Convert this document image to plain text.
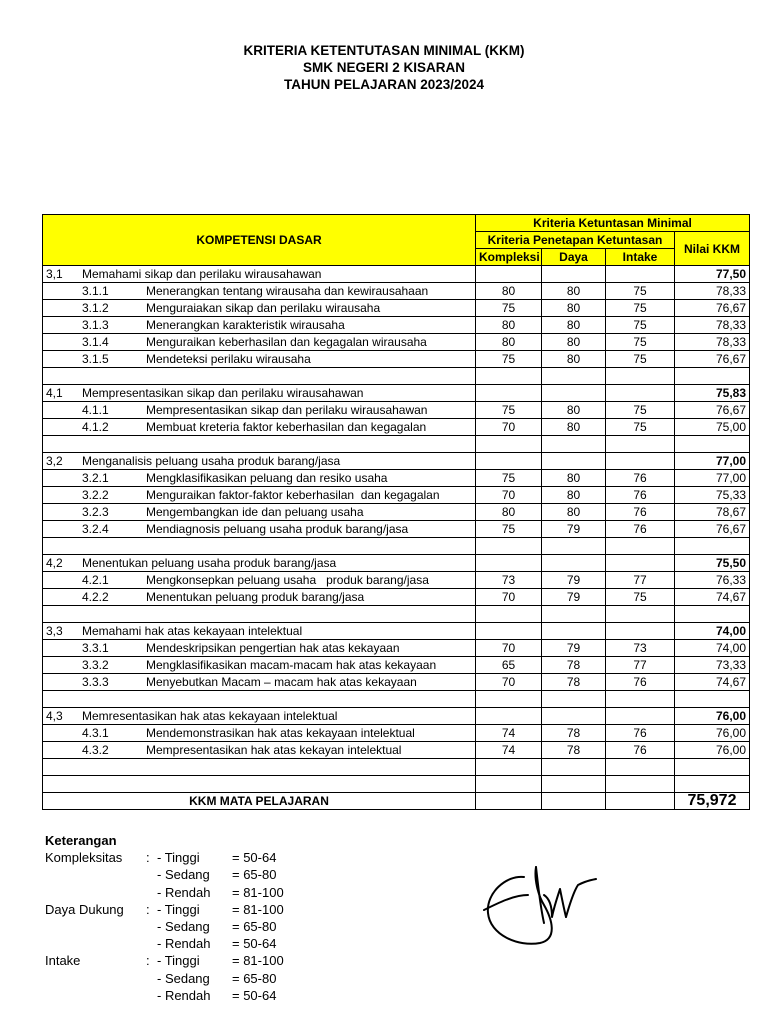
KRITERIA KETENTUTASAN MINIMAL (KKM)
SMK NEGERI 2 KISARAN
TAHUN PELAJARAN 2023/2024
KOMPETENSI DASAR	Kriteria Ketuntasan Minimal			
	Kriteria Penetapan Ketuntasan			Nilai KKM
	Kompleksi	Daya	Intake	
3,1 Memahami sikap dan perilaku wirausahawan				77,50
3.1.1 Menerangkan tentang wirausaha dan kewirausahaan	80	80	75	78,33
3.1.2 Menguraiakan sikap dan perilaku wirausaha	75	80	75	76,67
3.1.3 Menerangkan karakteristik wirausaha	80	80	75	78,33
3.1.4 Menguraikan keberhasilan dan kegagalan wirausaha	80	80	75	78,33
3.1.5 Mendeteksi perilaku wirausaha	75	80	75	76,67

4,1 Mempresentasikan sikap dan perilaku wirausahawan				75,83
4.1.1 Mempresentasikan sikap dan perilaku wirausahawan	75	80	75	76,67
4.1.2 Membuat kreteria faktor keberhasilan dan kegagalan	70	80	75	75,00

3,2 Menganalisis peluang usaha produk barang/jasa				77,00
3.2.1 Mengklasifikasikan peluang dan resiko usaha	75	80	76	77,00
3.2.2 Menguraikan faktor-faktor keberhasilan  dan kegagalan	70	80	76	75,33
3.2.3 Mengembangkan ide dan peluang usaha	80	80	76	78,67
3.2.4 Mendiagnosis peluang usaha produk barang/jasa	75	79	76	76,67

4,2 Menentukan peluang usaha produk barang/jasa				75,50
4.2.1 Mengkonsepkan peluang usaha   produk barang/jasa	73	79	77	76,33
4.2.2 Menentukan peluang produk barang/jasa	70	79	75	74,67

3,3 Memahami hak atas kekayaan intelektual				74,00
3.3.1 Mendeskripsikan pengertian hak atas kekayaan	70	79	73	74,00
3.3.2 Mengklasifikasikan macam-macam hak atas kekayaan	65	78	77	73,33
3.3.3 Menyebutkan Macam – macam hak atas kekayaan	70	78	76	74,67

4,3 Memresentasikan hak atas kekayaan intelektual				76,00
4.3.1 Mendemonstrasikan hak atas kekayaan intelektual	74	78	76	76,00
4.3.2 Mempresentasikan hak atas kekayan intelektual	74	78	76	76,00

KKM MATA PELAJARAN				75,972
Keterangan
Kompleksitas : - Tinggi = 50-64
- Sedang = 65-80
- Rendah = 81-100
Daya Dukung : - Tinggi = 81-100
- Sedang = 65-80
- Rendah = 50-64
Intake	: - Tinggi = 81-100
- Sedang = 65-80
- Rendah = 50-64
